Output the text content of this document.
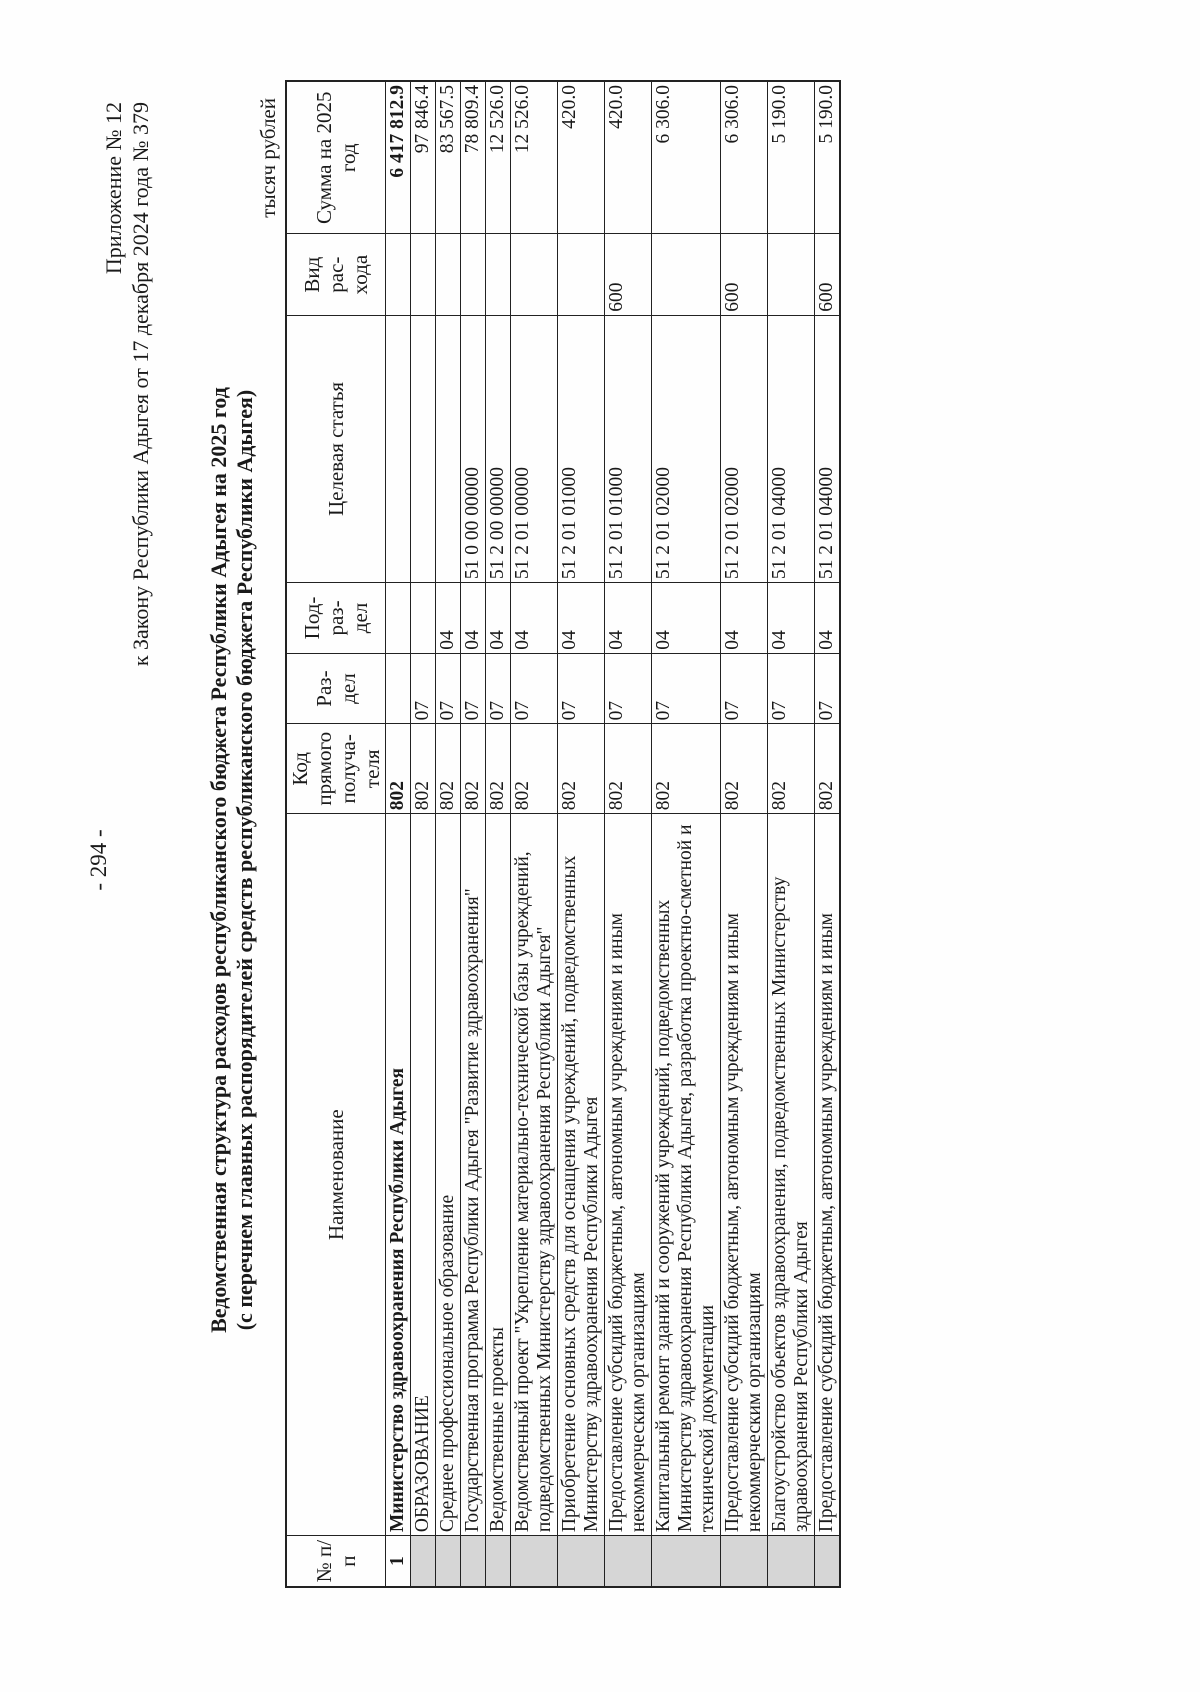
- 294 -
Приложение № 12 к Закону Республики Адыгея от 17 декабря 2024 года № 379
Ведомственная структура расходов республиканского бюджета Республики Адыгея на 2025 год (с перечнем главных распорядителей средств республиканского бюджета Республики Адыгея)
тысяч рублей
№ п/п	Наименование	Код прямого получа- теля	Раз- дел	Под- раз- дел	Целевая статья	Вид рас- хода	Сумма на 2025 год
1	Министерство здравоохранения Республики Адыгея	802					6 417 812.9
	ОБРАЗОВАНИЕ	802	07				97 846.4
	Среднее профессиональное образование	802	07	04			83 567.5
	Государственная программа Республики Адыгея "Развитие здравоохранения"	802	07	04	51 0 00 00000		78 809.4
	Ведомственные проекты	802	07	04	51 2 00 00000		12 526.0
	Ведомственный проект "Укрепление материально-технической базы учреждений, подведомственных Министерству здравоохранения Республики Адыгея"	802	07	04	51 2 01 00000		12 526.0
	Приобретение основных средств для оснащения учреждений, подведомственных Министерству здравоохранения Республики Адыгея	802	07	04	51 2 01 01000		420.0
	Предоставление субсидий бюджетным, автономным учреждениям и иным некоммерческим организациям	802	07	04	51 2 01 01000	600	420.0
	Капитальный ремонт зданий и сооружений учреждений, подведомственных Министерству здравоохранения Республики Адыгея, разработка проектно-сметной и технической документации	802	07	04	51 2 01 02000		6 306.0
	Предоставление субсидий бюджетным, автономным учреждениям и иным некоммерческим организациям	802	07	04	51 2 01 02000	600	6 306.0
	Благоустройство объектов здравоохранения, подведомственных Министерству здравоохранения Республики Адыгея	802	07	04	51 2 01 04000		5 190.0
	Предоставление субсидий бюджетным, автономным учреждениям и иным	802	07	04	51 2 01 04000	600	5 190.0
